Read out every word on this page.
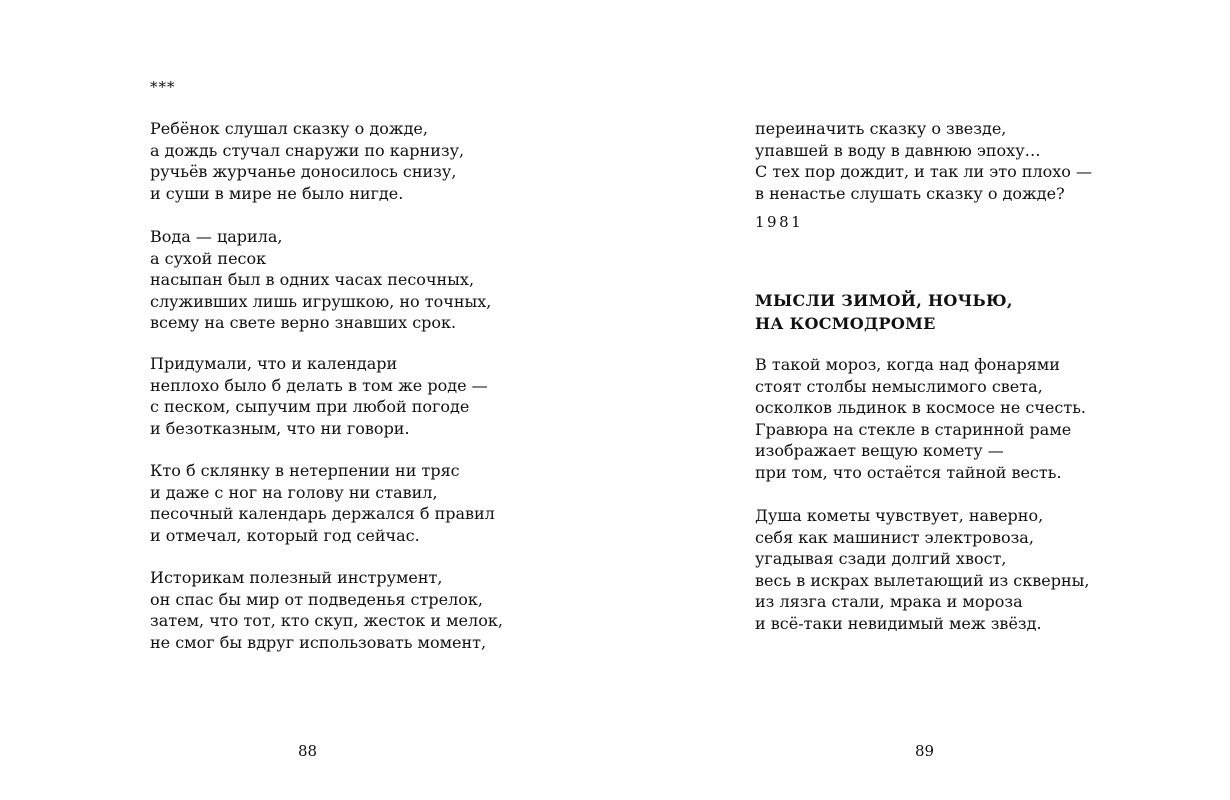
***
Ребёнок слушал сказку о дожде,
а дождь стучал снаружи по карнизу,
ручьёв журчанье доносилось снизу,
и суши в мире не было нигде.
Вода — царила,
а сухой песок
насыпан был в одних часах песочных,
служивших лишь игрушкою, но точных,
всему на свете верно знавших срок.
Придумали, что и календари
неплохо было б делать в том же роде —
с песком, сыпучим при любой погоде
и безотказным, что ни говори.
Кто б склянку в нетерпении ни тряс
и даже с ног на голову ни ставил,
песочный календарь держался б правил
и отмечал, который год сейчас.
Историкам полезный инструмент,
он спас бы мир от подведенья стрелок,
затем, что тот, кто скуп, жесток и мелок,
не смог бы вдруг использовать момент,
88
переиначить сказку о звезде,
упавшей в воду в давнюю эпоху…
С тех пор дождит, и так ли это плохо —
в ненастье слушать сказку о дожде?
1981
МЫСЛИ ЗИМОЙ, НОЧЬЮ,
НА КОСМОДРОМЕ
В такой мороз, когда над фонарями
стоят столбы немыслимого света,
осколков льдинок в космосе не счесть.
Гравюра на стекле в старинной раме
изображает вещую комету —
при том, что остаётся тайной весть.
Душа кометы чувствует, наверно,
себя как машинист электровоза,
угадывая сзади долгий хвост,
весь в искрах вылетающий из скверны,
из лязга стали, мрака и мороза
и всё-таки невидимый меж звёзд.
89
